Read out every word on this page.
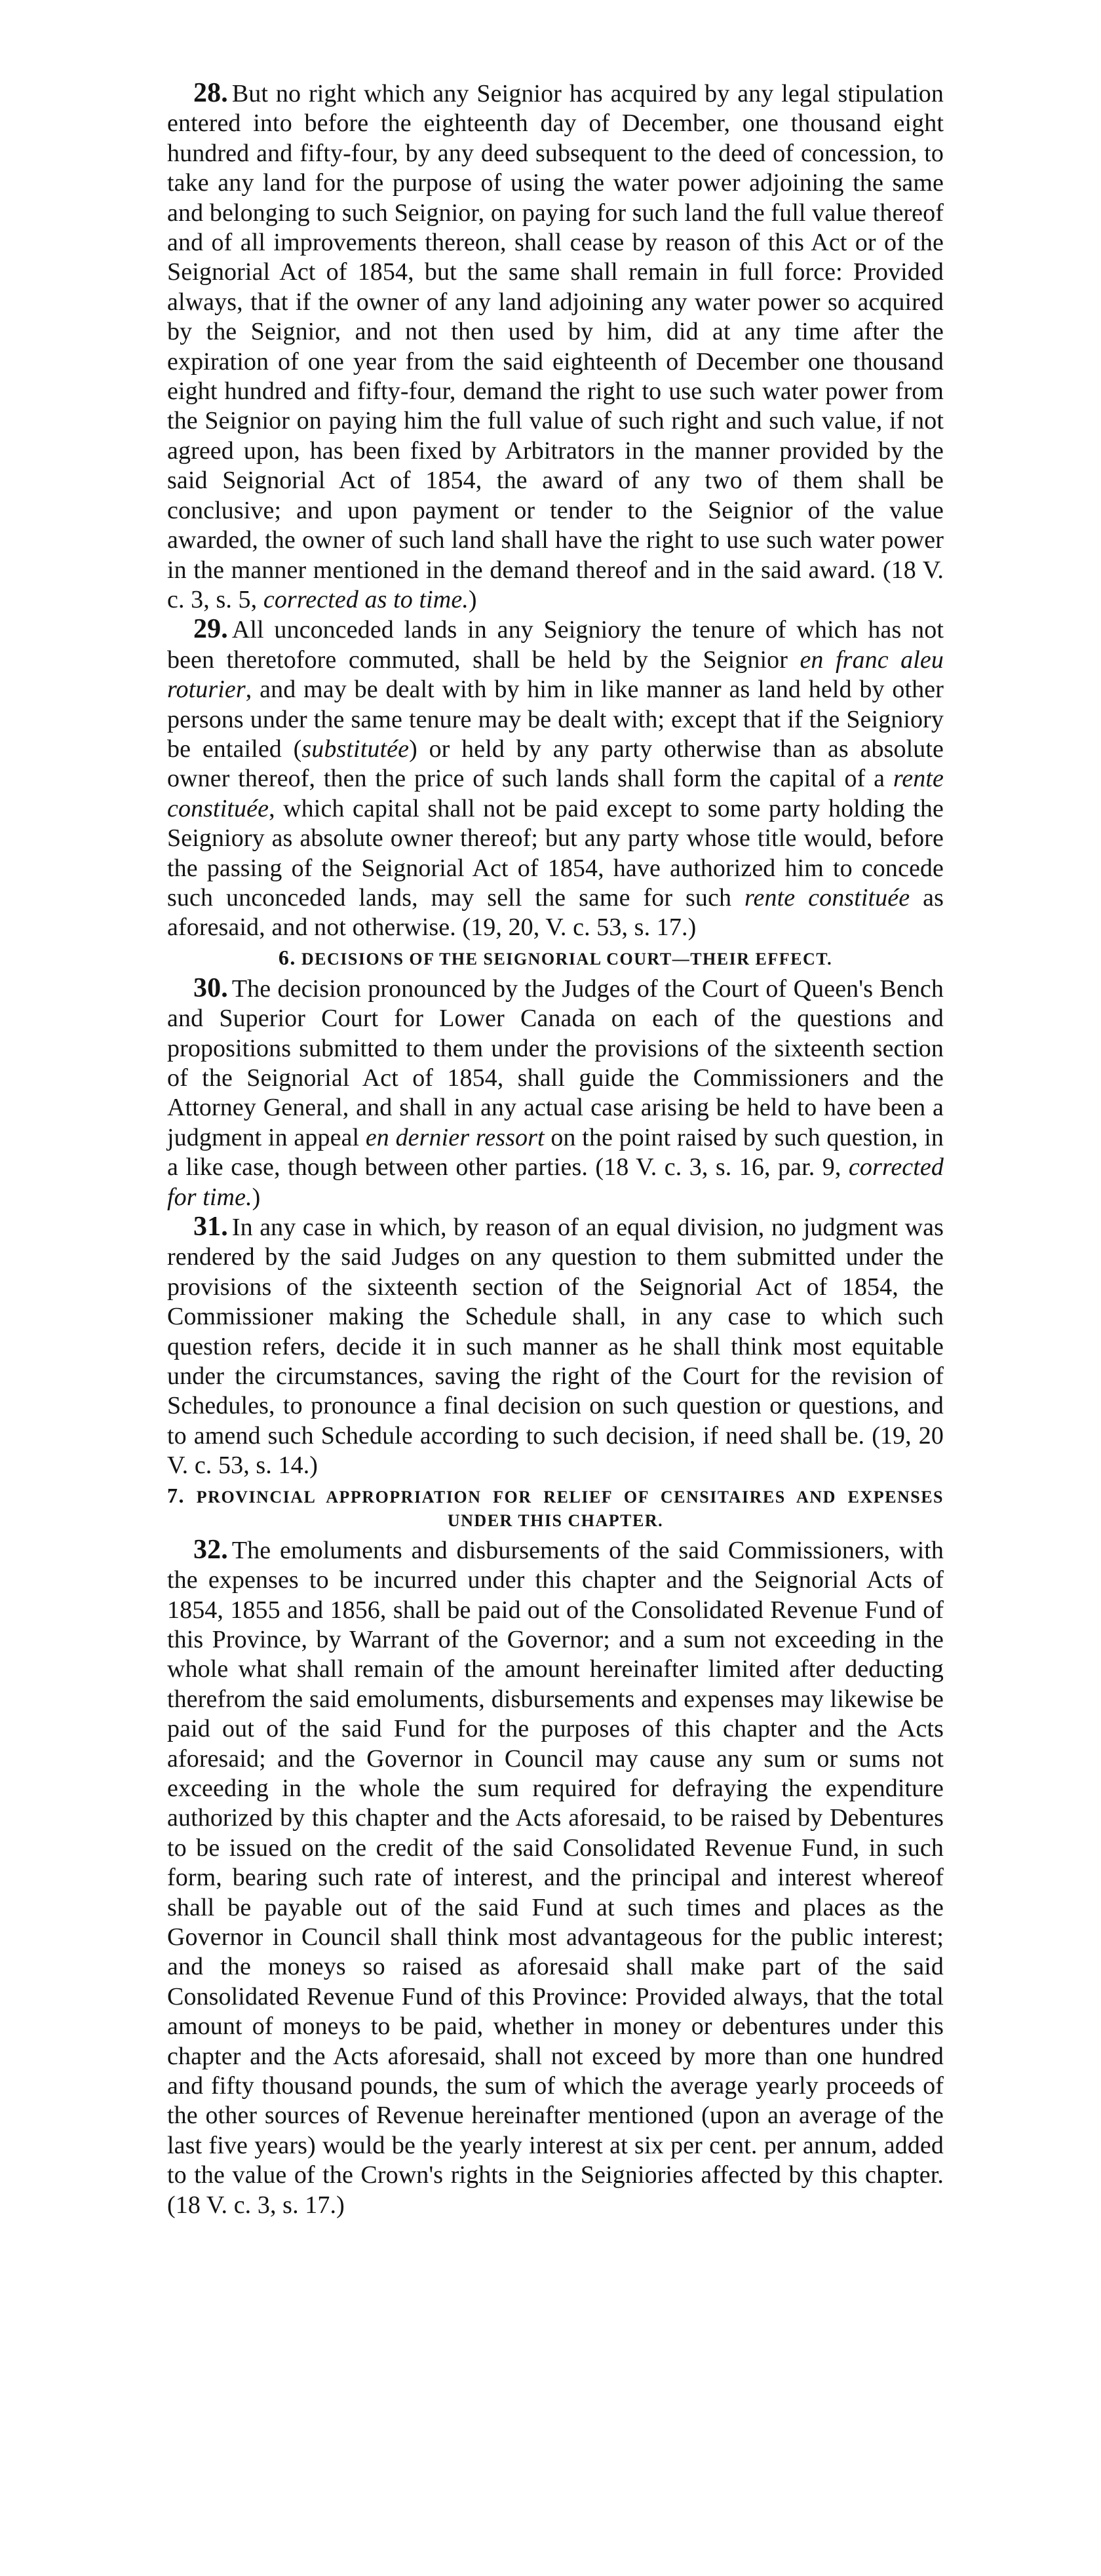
28. But no right which any Seignior has acquired by any legal stipulation entered into before the eighteenth day of December, one thousand eight hundred and fifty-four, by any deed subsequent to the deed of concession, to take any land for the purpose of using the water power adjoining the same and belonging to such Seignior, on paying for such land the full value thereof and of all improvements thereon, shall cease by reason of this Act or of the Seignorial Act of 1854, but the same shall remain in full force: Provided always, that if the owner of any land adjoining any water power so acquired by the Seignior, and not then used by him, did at any time after the expiration of one year from the said eighteenth of December one thousand eight hundred and fifty-four, demand the right to use such water power from the Seignior on paying him the full value of such right and such value, if not agreed upon, has been fixed by Arbitrators in the manner provided by the said Seignorial Act of 1854, the award of any two of them shall be conclusive; and upon payment or tender to the Seignior of the value awarded, the owner of such land shall have the right to use such water power in the manner mentioned in the demand thereof and in the said award. (18 V. c. 3, s. 5, corrected as to time.)

29. All unconceded lands in any Seigniory the tenure of which has not been theretofore commuted, shall be held by the Seignior en franc aleu roturier, and may be dealt with by him in like manner as land held by other persons under the same tenure may be dealt with; except that if the Seigniory be entailed (substitutée) or held by any party otherwise than as absolute owner thereof, then the price of such lands shall form the capital of a rente constituée, which capital shall not be paid except to some party holding the Seigniory as absolute owner thereof; but any party whose title would, before the passing of the Seignorial Act of 1854, have authorized him to concede such unconceded lands, may sell the same for such rente constituée as aforesaid, and not otherwise. (19, 20, V. c. 53, s. 17.)

6. DECISIONS OF THE SEIGNORIAL COURT—THEIR EFFECT.

30. The decision pronounced by the Judges of the Court of Queen's Bench and Superior Court for Lower Canada on each of the questions and propositions submitted to them under the provisions of the sixteenth section of the Seignorial Act of 1854, shall guide the Commissioners and the Attorney General, and shall in any actual case arising be held to have been a judgment in appeal en dernier ressort on the point raised by such question, in a like case, though between other parties. (18 V. c. 3, s. 16, par. 9, corrected for time.)

31. In any case in which, by reason of an equal division, no judgment was rendered by the said Judges on any question to them submitted under the provisions of the sixteenth section of the Seignorial Act of 1854, the Commissioner making the Schedule shall, in any case to which such question refers, decide it in such manner as he shall think most equitable under the circumstances, saving the right of the Court for the revision of Schedules, to pronounce a final decision on such question or questions, and to amend such Schedule according to such decision, if need shall be. (19, 20 V. c. 53, s. 14.)

7. PROVINCIAL APPROPRIATION FOR RELIEF OF CENSITAIRES AND EXPENSES UNDER THIS CHAPTER.

32. The emoluments and disbursements of the said Commissioners, with the expenses to be incurred under this chapter and the Seignorial Acts of 1854, 1855 and 1856, shall be paid out of the Consolidated Revenue Fund of this Province, by Warrant of the Governor; and a sum not exceeding in the whole what shall remain of the amount hereinafter limited after deducting therefrom the said emoluments, disbursements and expenses may likewise be paid out of the said Fund for the purposes of this chapter and the Acts aforesaid; and the Governor in Council may cause any sum or sums not exceeding in the whole the sum required for defraying the expenditure authorized by this chapter and the Acts aforesaid, to be raised by Debentures to be issued on the credit of the said Consolidated Revenue Fund, in such form, bearing such rate of interest, and the principal and interest whereof shall be payable out of the said Fund at such times and places as the Governor in Council shall think most advantageous for the public interest; and the moneys so raised as aforesaid shall make part of the said Consolidated Revenue Fund of this Province: Provided always, that the total amount of moneys to be paid, whether in money or debentures under this chapter and the Acts aforesaid, shall not exceed by more than one hundred and fifty thousand pounds, the sum of which the average yearly proceeds of the other sources of Revenue hereinafter mentioned (upon an average of the last five years) would be the yearly interest at six per cent. per annum, added to the value of the Crown's rights in the Seigniories affected by this chapter. (18 V. c. 3, s. 17.)
